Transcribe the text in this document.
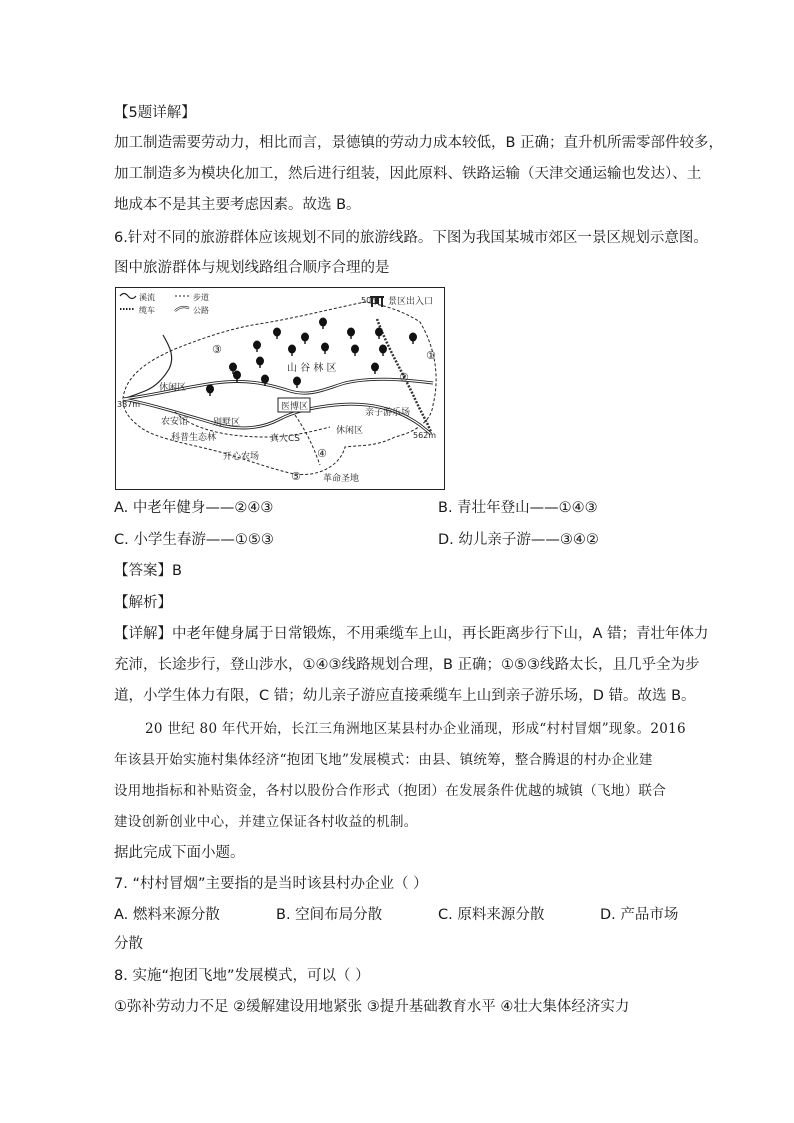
【5题详解】
加工制造需要劳动力，相比而言，景德镇的劳动力成本较低，B 正确；直升机所需零部件较多，
加工制造多为模块化加工，然后进行组装，因此原料、铁路运输（天津交通运输也发达）、土
地成本不是其主要考虑因素。故选 B。
6.针对不同的旅游群体应该规划不同的旅游线路。下图为我国某城市郊区一景区规划示意图。
图中旅游群体与规划线路组合顺序合理的是
溪流	步道
缆车	公路
50m 景区出入口
山 谷 林 区
休闲区
387m
562m
农安馆	别墅区
医博区
亲子游乐场
科普生态林	真人CS
休闲区
开心农场
革命圣地
①
②
③
④
⑤
A. 中老年健身——②④③	B. 青壮年登山——①④③
C. 小学生春游——①⑤③	D. 幼儿亲子游——③④②
【答案】B
【解析】
【详解】中老年健身属于日常锻炼，不用乘缆车上山，再长距离步行下山，A 错；青壮年体力
充沛，长途步行，登山涉水，①④③线路规划合理，B 正确；①⑤③线路太长，且几乎全为步
道，小学生体力有限，C 错；幼儿亲子游应直接乘缆车上山到亲子游乐场，D 错。故选 B。
20 世纪 80 年代开始，长江三角洲地区某县村办企业涌现，形成“村村冒烟”现象。2016
年该县开始实施村集体经济“抱团飞地”发展模式：由县、镇统筹，整合腾退的村办企业建
设用地指标和补贴资金，各村以股份合作形式（抱团）在发展条件优越的城镇（飞地）联合
建设创新创业中心，并建立保证各村收益的机制。
据此完成下面小题。
7. “村村冒烟”主要指的是当时该县村办企业（ ）
A. 燃料来源分散	B. 空间布局分散	C. 原料来源分散	D. 产品市场
分散
8. 实施“抱团飞地”发展模式，可以（ ）
①弥补劳动力不足 ②缓解建设用地紧张 ③提升基础教育水平 ④壮大集体经济实力
